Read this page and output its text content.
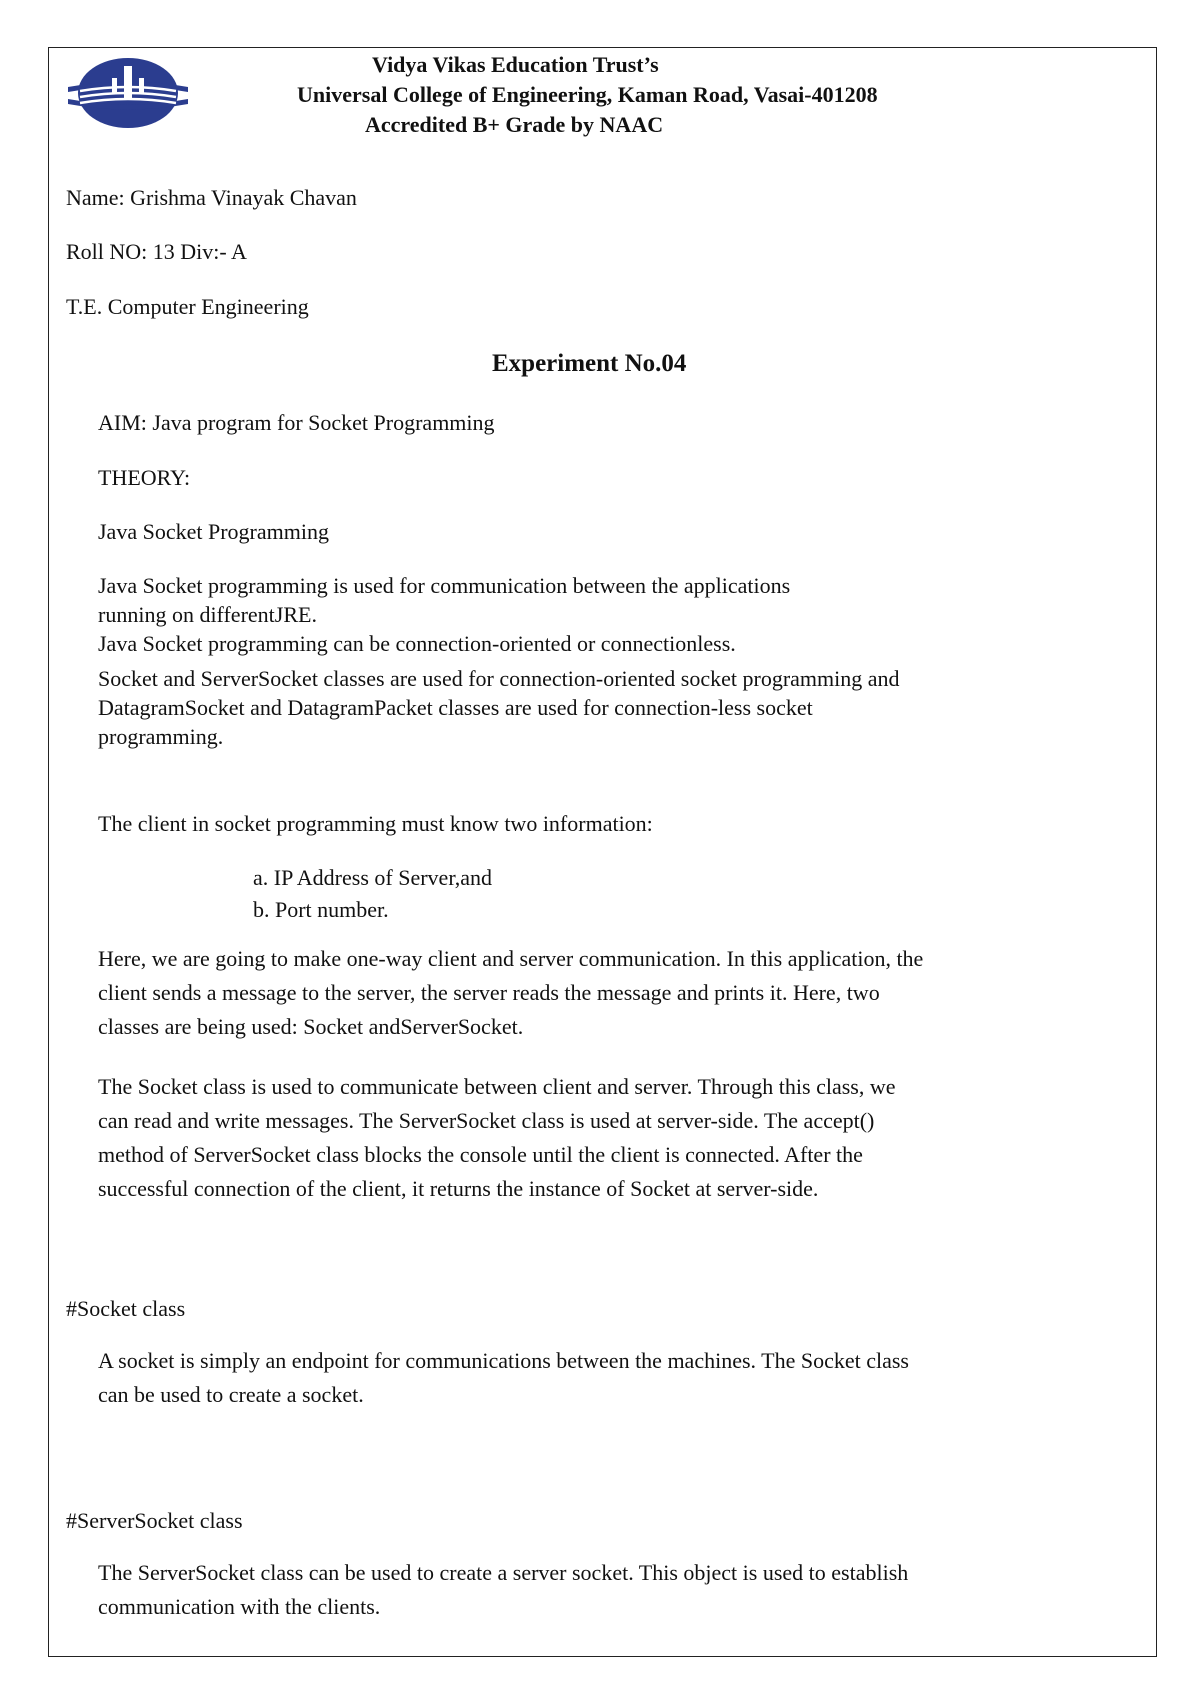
Vidya Vikas Education Trust’s
Universal College of Engineering, Kaman Road, Vasai-401208
Accredited B+ Grade by NAAC
Name: Grishma Vinayak Chavan
Roll NO: 13 Div:- A
T.E. Computer Engineering
Experiment No.04
AIM: Java program for Socket Programming
THEORY:
Java Socket Programming
Java Socket programming is used for communication between the applications
running on differentJRE.
Java Socket programming can be connection-oriented or connectionless.
Socket and ServerSocket classes are used for connection-oriented socket programming and
DatagramSocket and DatagramPacket classes are used for connection-less socket
programming.
The client in socket programming must know two information:
a. IP Address of Server,and
b. Port number.
Here, we are going to make one-way client and server communication. In this application, the
client sends a message to the server, the server reads the message and prints it. Here, two
classes are being used: Socket andServerSocket.
The Socket class is used to communicate between client and server. Through this class, we
can read and write messages. The ServerSocket class is used at server-side. The accept()
method of ServerSocket class blocks the console until the client is connected. After the
successful connection of the client, it returns the instance of Socket at server-side.
#Socket class
A socket is simply an endpoint for communications between the machines. The Socket class
can be used to create a socket.
#ServerSocket class
The ServerSocket class can be used to create a server socket. This object is used to establish
communication with the clients.
